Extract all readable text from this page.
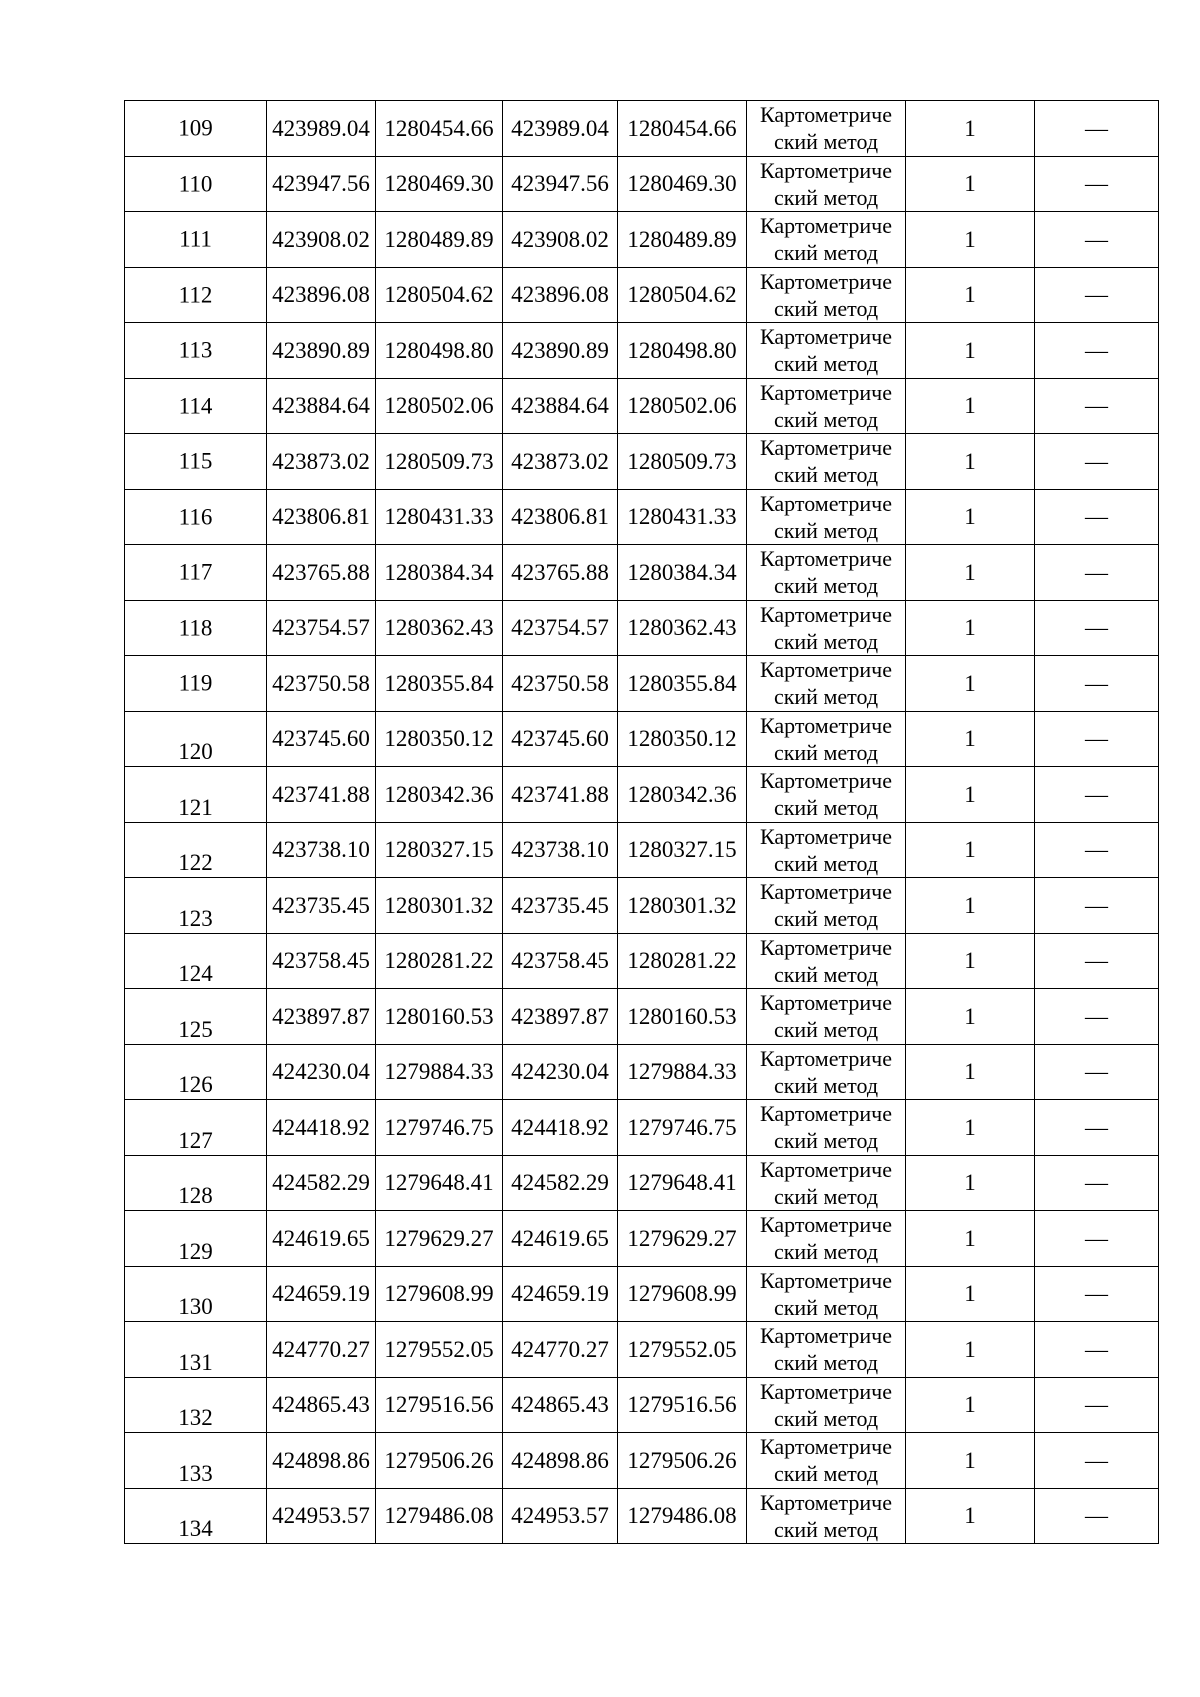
109	423989.04	1280454.66	423989.04	1280454.66	Картометриче
ский метод	1	—

110	423947.56	1280469.30	423947.56	1280469.30	Картометриче
ский метод	1	—

111	423908.02	1280489.89	423908.02	1280489.89	Картометриче
ский метод	1	—

112	423896.08	1280504.62	423896.08	1280504.62	Картометриче
ский метод	1	—

113	423890.89	1280498.80	423890.89	1280498.80	Картометриче
ский метод	1	—

114	423884.64	1280502.06	423884.64	1280502.06	Картометриче
ский метод	1	—

115	423873.02	1280509.73	423873.02	1280509.73	Картометриче
ский метод	1	—

116	423806.81	1280431.33	423806.81	1280431.33	Картометриче
ский метод	1	—

117	423765.88	1280384.34	423765.88	1280384.34	Картометриче
ский метод	1	—

118	423754.57	1280362.43	423754.57	1280362.43	Картометриче
ский метод	1	—

119	423750.58	1280355.84	423750.58	1280355.84	Картометриче
ский метод	1	—

120	423745.60	1280350.12	423745.60	1280350.12	Картометриче
ский метод	1	—

121	423741.88	1280342.36	423741.88	1280342.36	Картометриче
ский метод	1	—

122	423738.10	1280327.15	423738.10	1280327.15	Картометриче
ский метод	1	—

123	423735.45	1280301.32	423735.45	1280301.32	Картометриче
ский метод	1	—

124	423758.45	1280281.22	423758.45	1280281.22	Картометриче
ский метод	1	—

125	423897.87	1280160.53	423897.87	1280160.53	Картометриче
ский метод	1	—

126	424230.04	1279884.33	424230.04	1279884.33	Картометриче
ский метод	1	—

127	424418.92	1279746.75	424418.92	1279746.75	Картометриче
ский метод	1	—

128	424582.29	1279648.41	424582.29	1279648.41	Картометриче
ский метод	1	—

129	424619.65	1279629.27	424619.65	1279629.27	Картометриче
ский метод	1	—

130	424659.19	1279608.99	424659.19	1279608.99	Картометриче
ский метод	1	—

131	424770.27	1279552.05	424770.27	1279552.05	Картометриче
ский метод	1	—

132	424865.43	1279516.56	424865.43	1279516.56	Картометриче
ский метод	1	—

133	424898.86	1279506.26	424898.86	1279506.26	Картометриче
ский метод	1	—

134	424953.57	1279486.08	424953.57	1279486.08	Картометриче
ский метод	1	—
